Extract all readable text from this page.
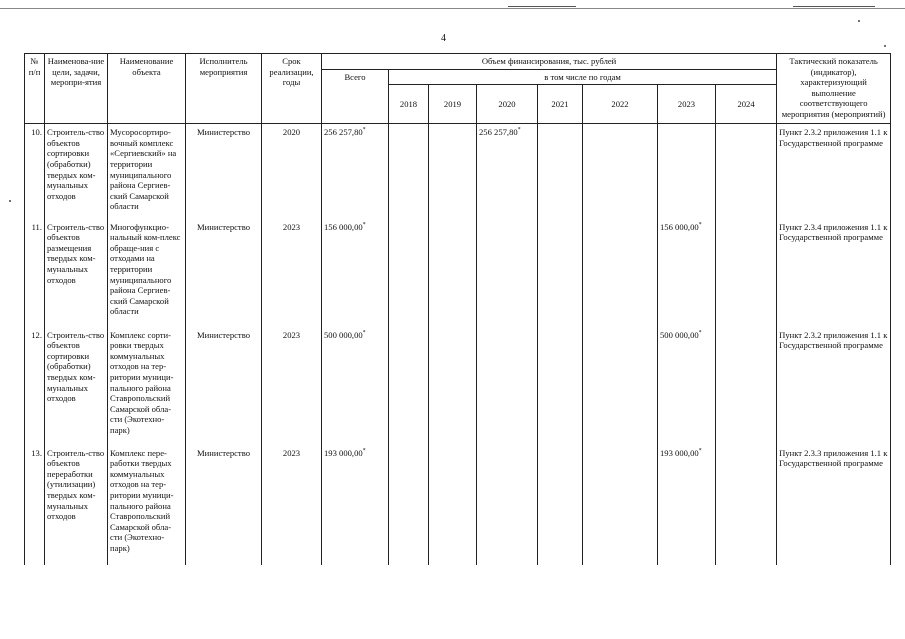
4
№ п/п	Наименова-ние цели, задачи, меропри-ятия	Наименование объекта	Исполнитель мероприятия	Срок реализации, годы	Объем финансирования, тыс. рублей								Тактический показатель (индикатор), характеризующий выполнение соответствующего мероприятия (мероприятий)
					Всего	в том числе по годам							
						2018	2019	2020	2021	2022	2023	2024	
10.	Строитель-ство объектов сортировки (обработки) твердых ком-мунальных отходов	Мусоросортиро-вочный комплекс «Сергиевский» на территории муниципального района Сергиев-ский Самарской области	Министерство	2020	256 257,80*			256 257,80*					Пункт 2.3.2 приложения 1.1 к Государственной программе
11.	Строитель-ство объектов размещения твердых ком-мунальных отходов	Многофункцио-нальный ком-плекс обраще-ния с отходами на территории муниципального района Сергиев-ский Самарской области	Министерство	2023	156 000,00*						156 000,00*		Пункт 2.3.4 приложения 1.1 к Государственной программе
12.	Строитель-ство объектов сортировки (обработки) твердых ком-мунальных отходов	Комплекс сорти-ровки твердых коммунальных отходов на тер-ритории муници-пального района Ставропольский Самарской обла-сти (Экотехно-парк)	Министерство	2023	500 000,00*						500 000,00*		Пункт 2.3.2 приложения 1.1 к Государственной программе
13.	Строитель-ство объектов переработки (утилизации) твердых ком-мунальных отходов	Комплекс пере-работки твердых коммунальных отходов на тер-ритории муници-пального района Ставропольский Самарской обла-сти (Экотехно-парк)	Министерство	2023	193 000,00*						193 000,00*		Пункт 2.3.3 приложения 1.1 к Государственной программе
